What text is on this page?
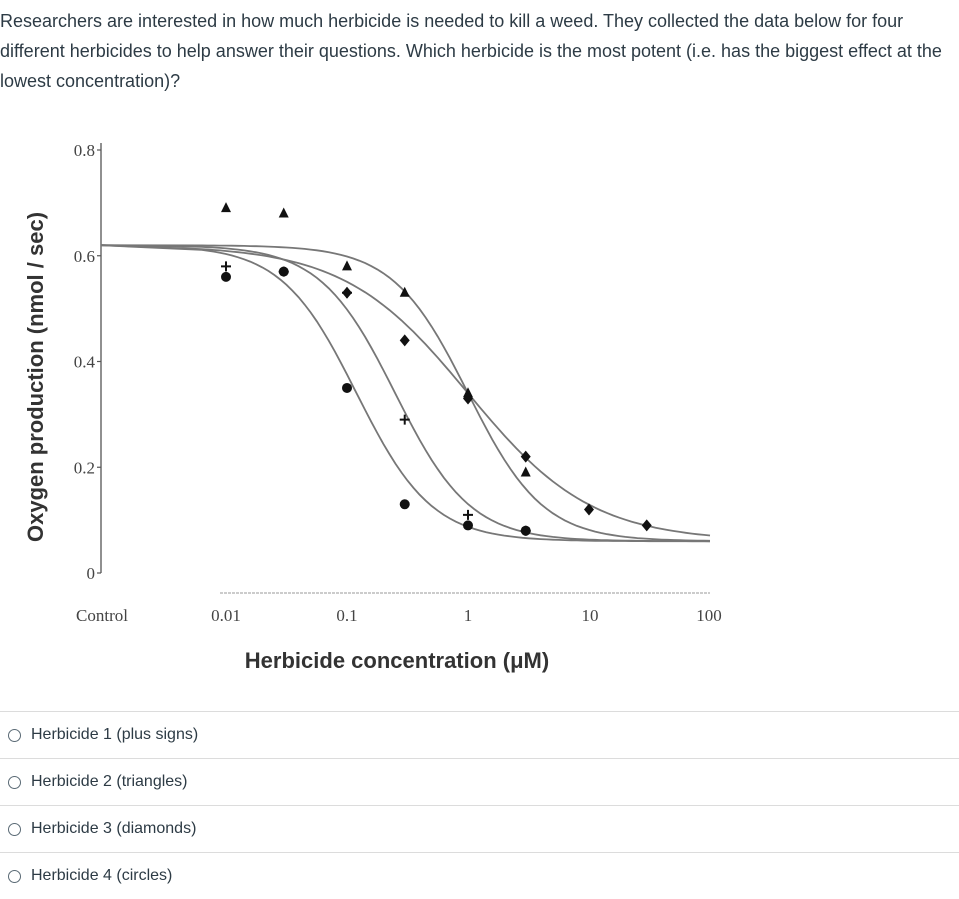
Researchers are interested in how much herbicide is needed to kill a weed. They collected the data below for four different herbicides to help answer their questions. Which herbicide is the most potent (i.e. has the biggest effect at the lowest concentration)?

0
0.2
0.4
0.6
0.8
Control	0.01	0.1	1	10	100
Herbicide concentration (μM)
Oxygen production (nmol / sec)
Herbicide 1 (plus signs)
Herbicide 2 (triangles)
Herbicide 3 (diamonds)
Herbicide 4 (circles)
